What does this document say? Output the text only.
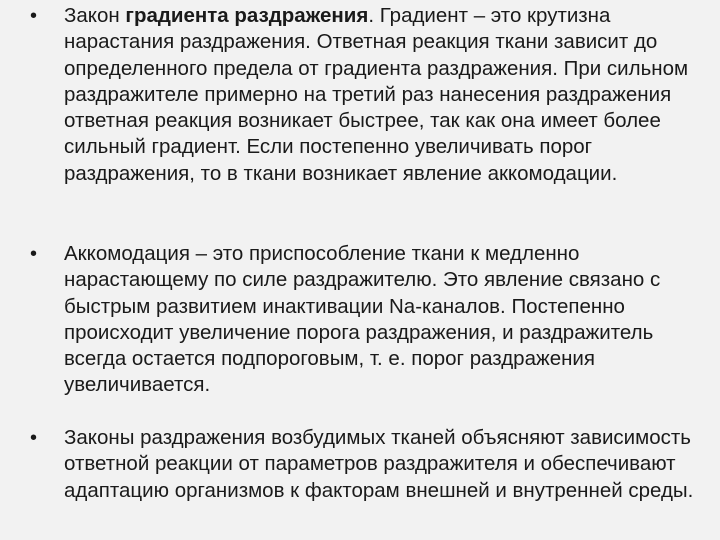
• Закон градиента раздражения. Градиент – это крутизна нарастания раздражения. Ответная реакция ткани зависит до определенного предела от градиента раздражения. При сильном раздражителе примерно на третий раз нанесения раздражения ответная реакция возникает быстрее, так как она имеет более сильный градиент. Если постепенно увеличивать порог раздражения, то в ткани возникает явление аккомодации.
• Аккомодация – это приспособление ткани к медленно нарастающему по силе раздражителю. Это явление связано с быстрым развитием инактивации Na-каналов. Постепенно происходит увеличение порога раздражения, и раздражитель всегда остается подпороговым, т. е. порог раздражения увеличивается.
• Законы раздражения возбудимых тканей объясняют зависимость ответной реакции от параметров раздражителя и обеспечивают адаптацию организмов к факторам внешней и внутренней среды.
